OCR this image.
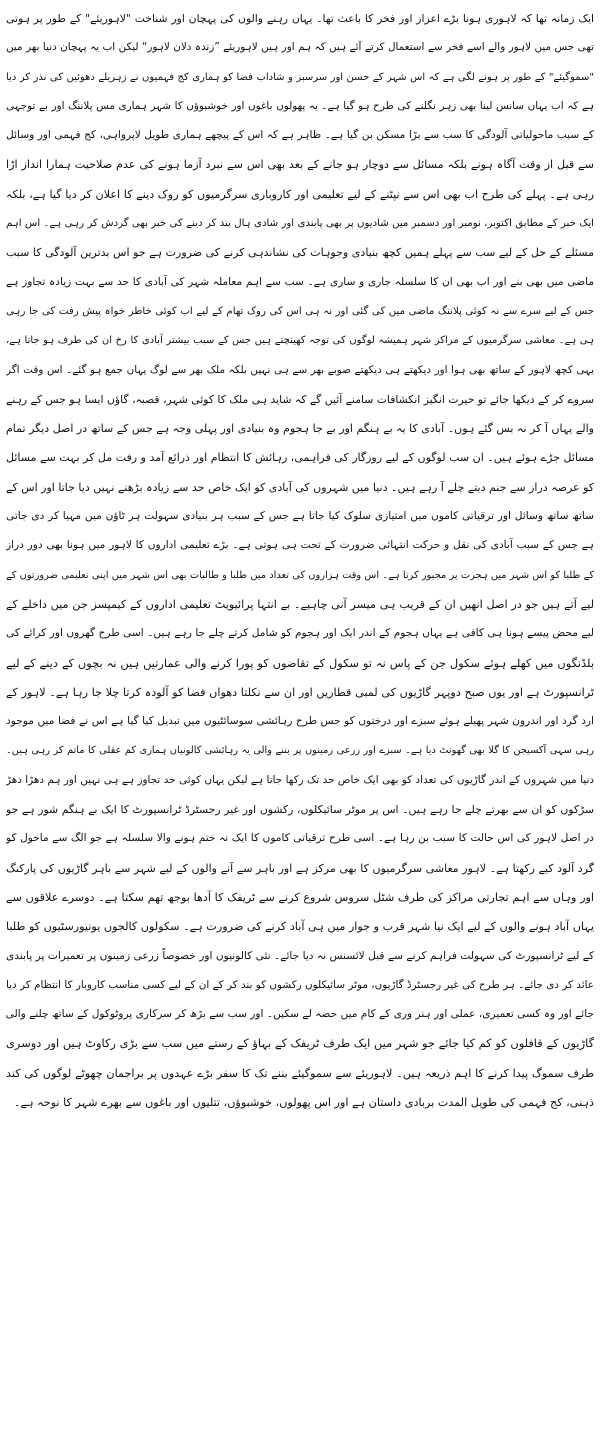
ایک زمانہ تھا کہ لاہوری ہونا بڑے اعزاز اور فخر کا باعث تھا۔ یہاں رہنے والوں کی پہچان اور شناخت "لاہوریئے" کے طور پر ہوتی
تھی جس میں لاہور والے اسے فخر سے استعمال کرتے آئے ہیں کہ ہم اور ہیں لاہوریئے ”زندہ دلان لاہور“ لیکن اب یہ پہچان دنیا بھر میں
"سموگیئے" کے طور پر ہونے لگی ہے کہ اس شہر کے حسن اور سرسبز و شاداب فضا کو ہماری کج فہمیوں نے زہریلے دھوئیں کی نذر کر دیا
ہے کہ اب یہاں سانس لینا بھی زہر نگلنے کی طرح ہو گیا ہے۔ یہ پھولوں باغوں اور خوشبوؤں کا شہر ہماری مس پلاننگ اور بے توجہی
کے سبب ماحولیاتی آلودگی کا سب سے بڑا مسکن بن گیا ہے۔ ظاہر ہے کہ اس کے پیچھے ہماری طویل لاپرواہی، کج فہمی اور وسائل
سے قبل از وقت آگاہ ہونے بلکہ مسائل سے دوچار ہو جانے کے بعد بھی اس سے نبرد آزما ہونے کی عدم صلاحیت ہمارا انداز اڑا
رہی ہے۔ پہلے کی طرح اب بھی اس سے نپٹنے کے لیے تعلیمی اور کاروباری سرگرمیوں کو روک دینے کا اعلان کر دیا گیا ہے، بلکہ
ایک خبر کے مطابق اکتوبر، نومبر اور دسمبر میں شادیوں پر بھی پابندی اور شادی ہال بند کر دینے کی خبر بھی گردش کر رہی ہے۔ اس اہم
مسئلے کے حل کے لیے سب سے پہلے ہمیں کچھ بنیادی وجوہات کی نشاندہی کرنے کی ضرورت ہے جو اس بدترین آلودگی کا سبب
ماضی میں بھی بنے اور اب بھی ان کا سلسلہ جاری و ساری ہے۔ سب سے اہم معاملہ شہر کی آبادی کا حد سے بہت زیادہ تجاوز ہے
جس کے لیے سرے سے نہ کوئی پلاننگ ماضی میں کی گئی اور نہ ہی اس کی روک تھام کے لیے اب کوئی خاطر خواہ پیش رفت کی جا رہی
ہی ہے۔ معاشی سرگرمیوں کے مراکز شہر ہمیشہ لوگوں کی توجہ کھینچتے ہیں جس کے سبب بیشتر آبادی کا رخ ان کی طرف ہو جاتا ہے،
یہی کچھ لاہور کے ساتھ بھی ہوا اور دیکھتے ہی دیکھتے صوبے بھر سے ہی نہیں بلکہ ملک بھر سے لوگ یہاں جمع ہو گئے۔ اس وقت اگر
سروے کر کے دیکھا جائے تو حیرت انگیز انکشافات سامنے آئیں گے کہ شاید ہی ملک کا کوئی شہر، قصبہ، گاؤں ایسا ہو جس کے رہنے
والے یہاں آ کر نہ بس گئے ہوں۔ آبادی کا یہ بے ہنگم اور بے جا ہجوم وہ بنیادی اور پہلی وجہ ہے جس کے ساتھ در اصل دیگر تمام
مسائل جڑے ہوئے ہیں۔ ان سب لوگوں کے لیے روزگار کی فراہمی، رہائش کا انتظام اور ذرائع آمد و رفت مل کر بہت سے مسائل
کو عرصہ دراز سے جنم دیتے چلے آ رہے ہیں۔ دنیا میں شہروں کی آبادی کو ایک خاص حد سے زیادہ بڑھنے نہیں دیا جاتا اور اس کے
ساتھ ساتھ وسائل اور ترقیاتی کاموں میں امتیازی سلوک کیا جاتا ہے جس کے سبب ہر بنیادی سہولت ہر ٹاؤن میں مہیا کر دی جاتی
ہے جس کے سبب آبادی کی نقل و حرکت انتہائی ضرورت کے تحت ہی ہوتی ہے۔ بڑے تعلیمی اداروں کا لاہور میں ہونا بھی دور دراز
کے طلبا کو اس شہر میں ہجرت پر مجبور کرتا ہے۔ اس وقت ہزاروں کی تعداد میں طلبا و طالبات بھی اس شہر میں اپنی تعلیمی ضرورتوں کے
لیے آتے ہیں جو در اصل انھیں ان کے قریب ہی میسر آنی چاہیے۔ بے انتہا پرائیویٹ تعلیمی اداروں کے کیمپسز جن میں داخلے کے
لیے محض پیسے ہونا ہی کافی ہے یہاں ہجوم کے اندر ایک اور ہجوم کو شامل کرتے چلے جا رہے ہیں۔ اسی طرح گھروں اور کرائے کی
بلڈنگوں میں کھلے ہوئے سکول جن کے پاس نہ تو سکول کے تقاضوں کو پورا کرنے والی عمارتیں ہیں نہ بچوں کے دینے کے لیے
ٹرانسپورٹ ہے اور یوں صبح دوپہر گاڑیوں کی لمبی قطاریں اور ان سے نکلتا دھواں فضا کو آلودہ کرتا چلا جا رہا ہے۔ لاہور کے
ارد گرد اور اندرون شہر پھیلے ہوئے سبزے اور درختوں کو جس طرح رہائشی سوسائٹیوں میں تبدیل کیا گیا ہے اس نے فضا میں موجود
رہی سہی آکسیجن کا گلا بھی گھونٹ دیا ہے۔ سبزے اور زرعی زمینوں پر بننے والی یہ رہائشی کالونیاں ہماری کم عقلی کا ماتم کر رہی ہیں۔
دنیا میں شہروں کے اندر گاڑیوں کی تعداد کو بھی ایک خاص حد تک رکھا جاتا ہے لیکن یہاں کوئی حد تجاوز ہے ہی نہیں اور ہم دھڑا دھڑ
سڑکوں کو ان سے بھرتے چلے جا رہے ہیں۔ اس پر موٹر سائیکلوں، رکشوں اور غیر رجسٹرڈ ٹرانسپورٹ کا ایک بے ہنگم شور ہے جو
در اصل لاہور کی اس حالت کا سبب بن رہا ہے۔ اسی طرح ترقیاتی کاموں کا ایک نہ ختم ہونے والا سلسلہ ہے جو الگ سے ماحول کو
گرد آلود کیے رکھتا ہے۔ لاہور معاشی سرگرمیوں کا بھی مرکز ہے اور باہر سے آنے والوں کے لیے شہر سے باہر گاڑیوں کی پارکنگ
اور وہاں سے اہم تجارتی مراکز کی طرف شٹل سروس شروع کرنے سے ٹریفک کا آدھا بوجھ تھم سکتا ہے۔ دوسرے علاقوں سے
یہاں آباد ہونے والوں کے لیے ایک نیا شہر قرب و جوار میں ہی آباد کرنے کی ضرورت ہے۔ سکولوں کالجوں یونیورسٹیوں کو طلبا
کے لیے ٹرانسپورٹ کی سہولت فراہم کرنے سے قبل لائسنس نہ دیا جائے۔ نئی کالونیوں اور خصوصاً زرعی زمینوں پر تعمیرات پر پابندی
عائد کر دی جائے۔ ہر طرح کی غیر رجسٹرڈ گاڑیوں، موٹر سائیکلوں رکشوں کو بند کر کے ان کے لیے کسی مناسب کاروبار کا انتظام کر دیا
جائے اور وہ کسی تعمیری، عملی اور ہنر وری کے کام میں حصہ لے سکیں۔ اور سب سے بڑھ کر سرکاری پروٹوکول کے ساتھ چلنے والی
گاڑیوں کے قافلوں کو کم کیا جائے جو شہر میں ایک طرف ٹریفک کے بہاؤ کے رستے میں سب سے بڑی رکاوٹ ہیں اور دوسری
طرف سموگ پیدا کرنے کا اہم ذریعہ ہیں۔ لاہوریئے سے سموگیئے بننے تک کا سفر بڑے عہدوں پر براجمان چھوٹے لوگوں کی کند
ذہنی، کج فہمی کی طویل المدت بربادی داستان ہے اور اس پھولوں، خوشبوؤں، تتلیوں اور باغوں سے بھرے شہر کا نوحہ ہے۔
